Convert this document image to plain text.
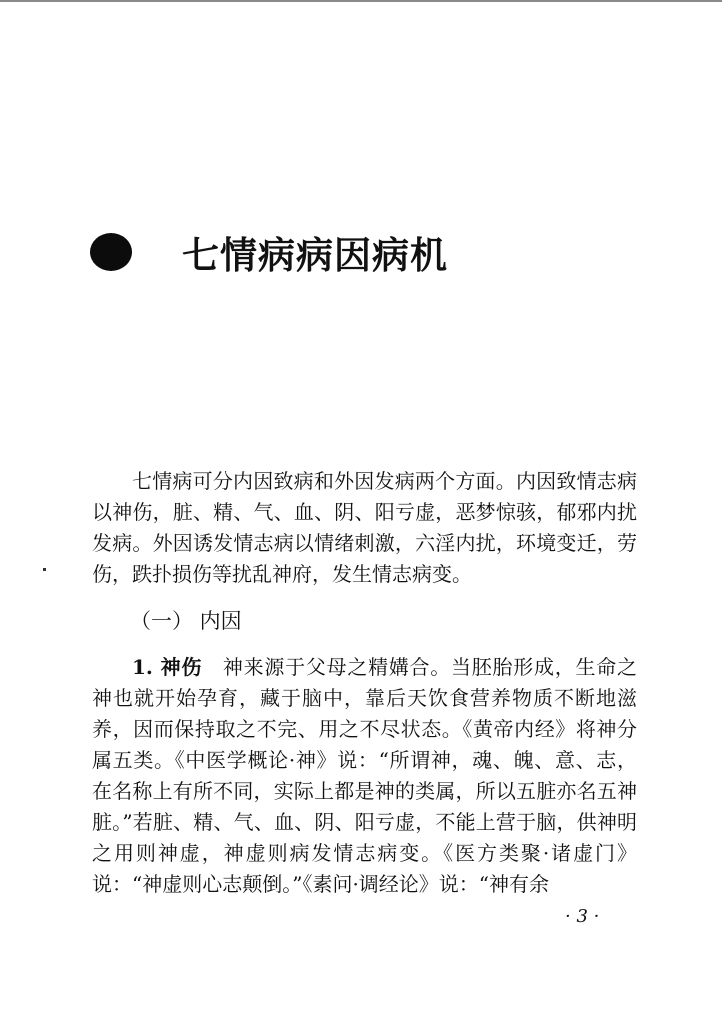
七情病病因病机

七情病可分内因致病和外因发病两个方面。内因致情志病以神伤，脏、精、气、血、阴、阳亏虚，恶梦惊骇，郁邪内扰发病。外因诱发情志病以情绪刺激，六淫内扰，环境变迁，劳伤，跌扑损伤等扰乱神府，发生情志病变。

（一） 内因

1. 神伤　 神来源于父母之精媾合。当胚胎形成，生命之神也就开始孕育，藏于脑中，靠后天饮食营养物质不断地滋养，因而保持取之不完、用之不尽状态。《黄帝内经》将神分属五类。《中医学概论·神》说：“所谓神，魂、魄、意、志，在名称上有所不同，实际上都是神的类属，所以五脏亦名五神脏。”若脏、精、气、血、阴、阳亏虚，不能上营于脑，供神明之用则神虚，神虚则病发情志病变。《医方类聚·诸虚门》说：“神虚则心志颠倒。”《素问·调经论》说：“神有余

· 3 ·
